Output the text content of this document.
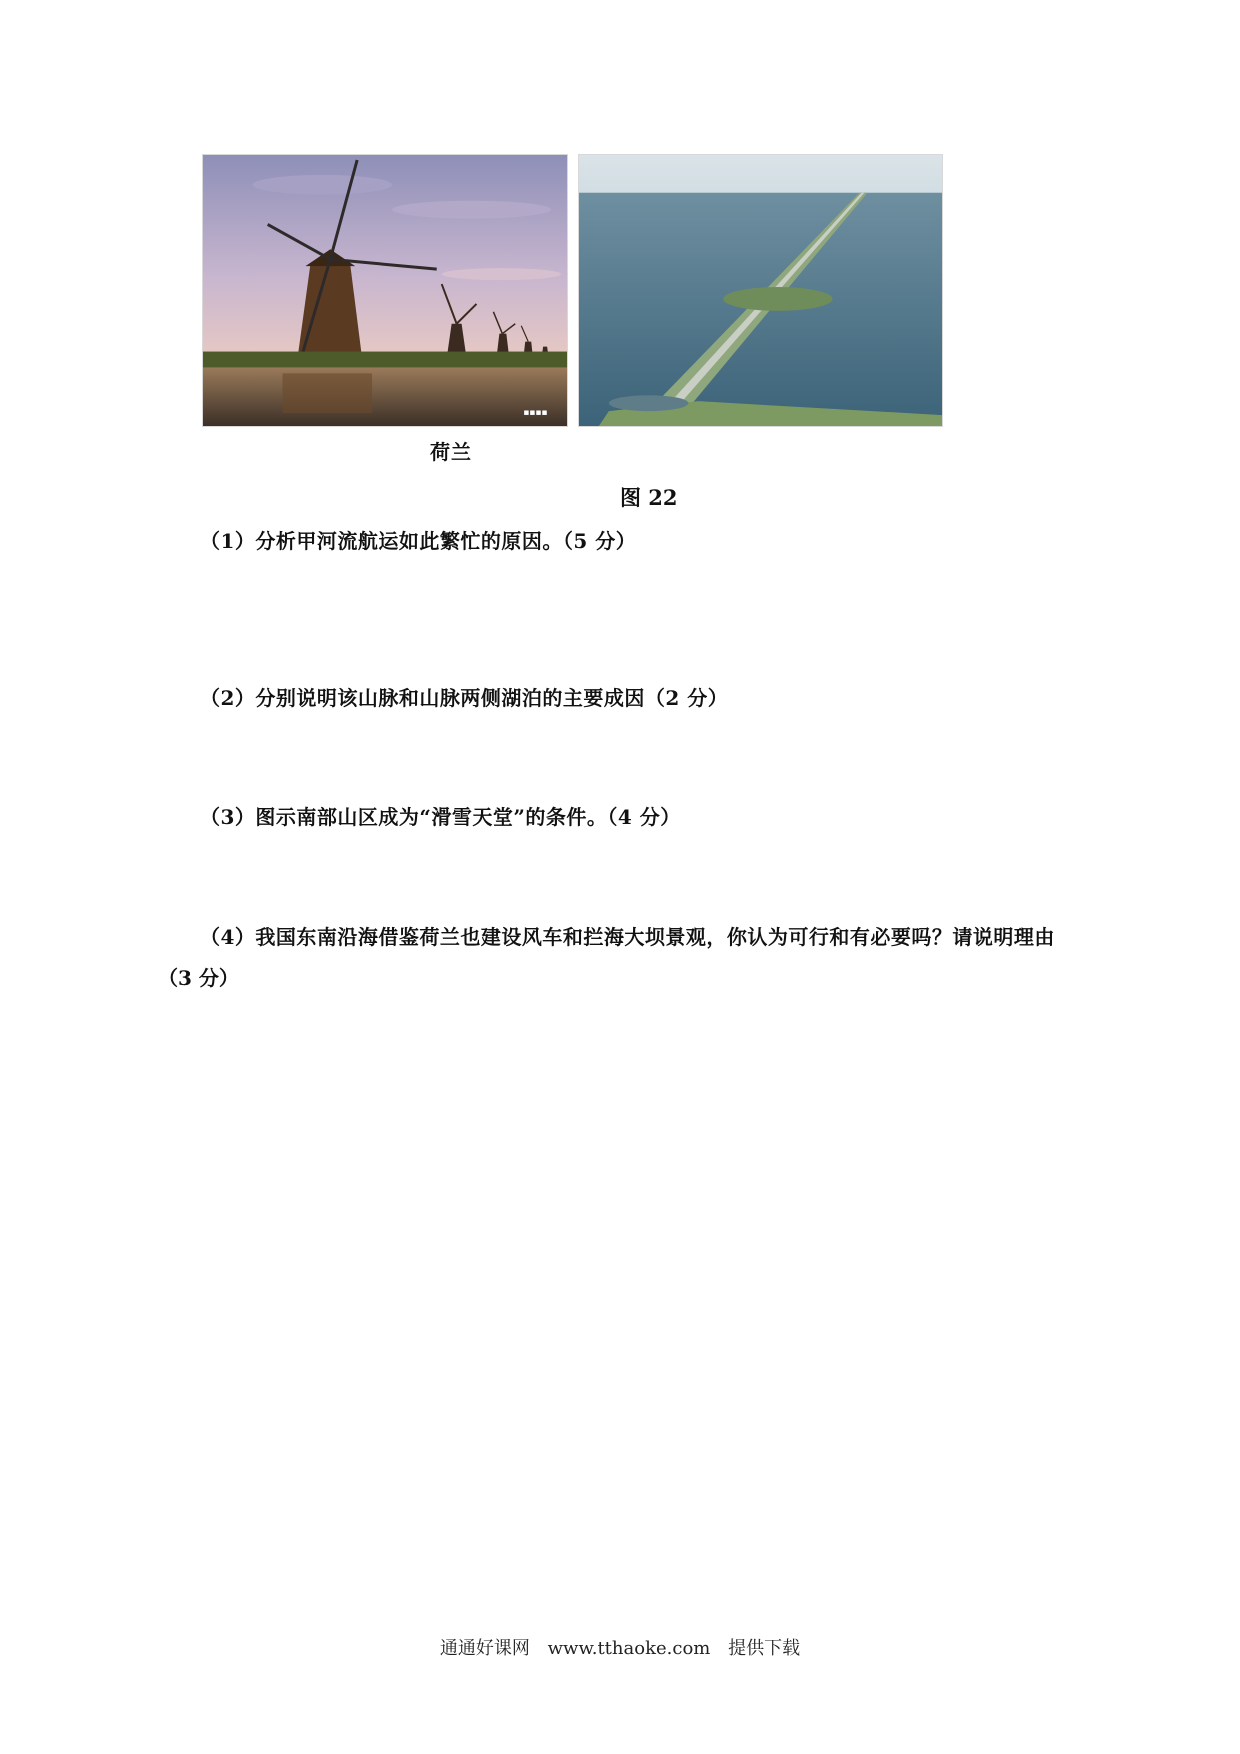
▪▪▪▪
荷兰
图 22
（1）分析甲河流航运如此繁忙的原因。（5 分）
（2）分别说明该山脉和山脉两侧湖泊的主要成因（2 分）
（3）图示南部山区成为“滑雪天堂”的条件。（4 分）
（4）我国东南沿海借鉴荷兰也建设风车和拦海大坝景观，你认为可行和有必要吗？请说明理由
（3 分）
通通好课网 www.tthaoke.com 提供下载
